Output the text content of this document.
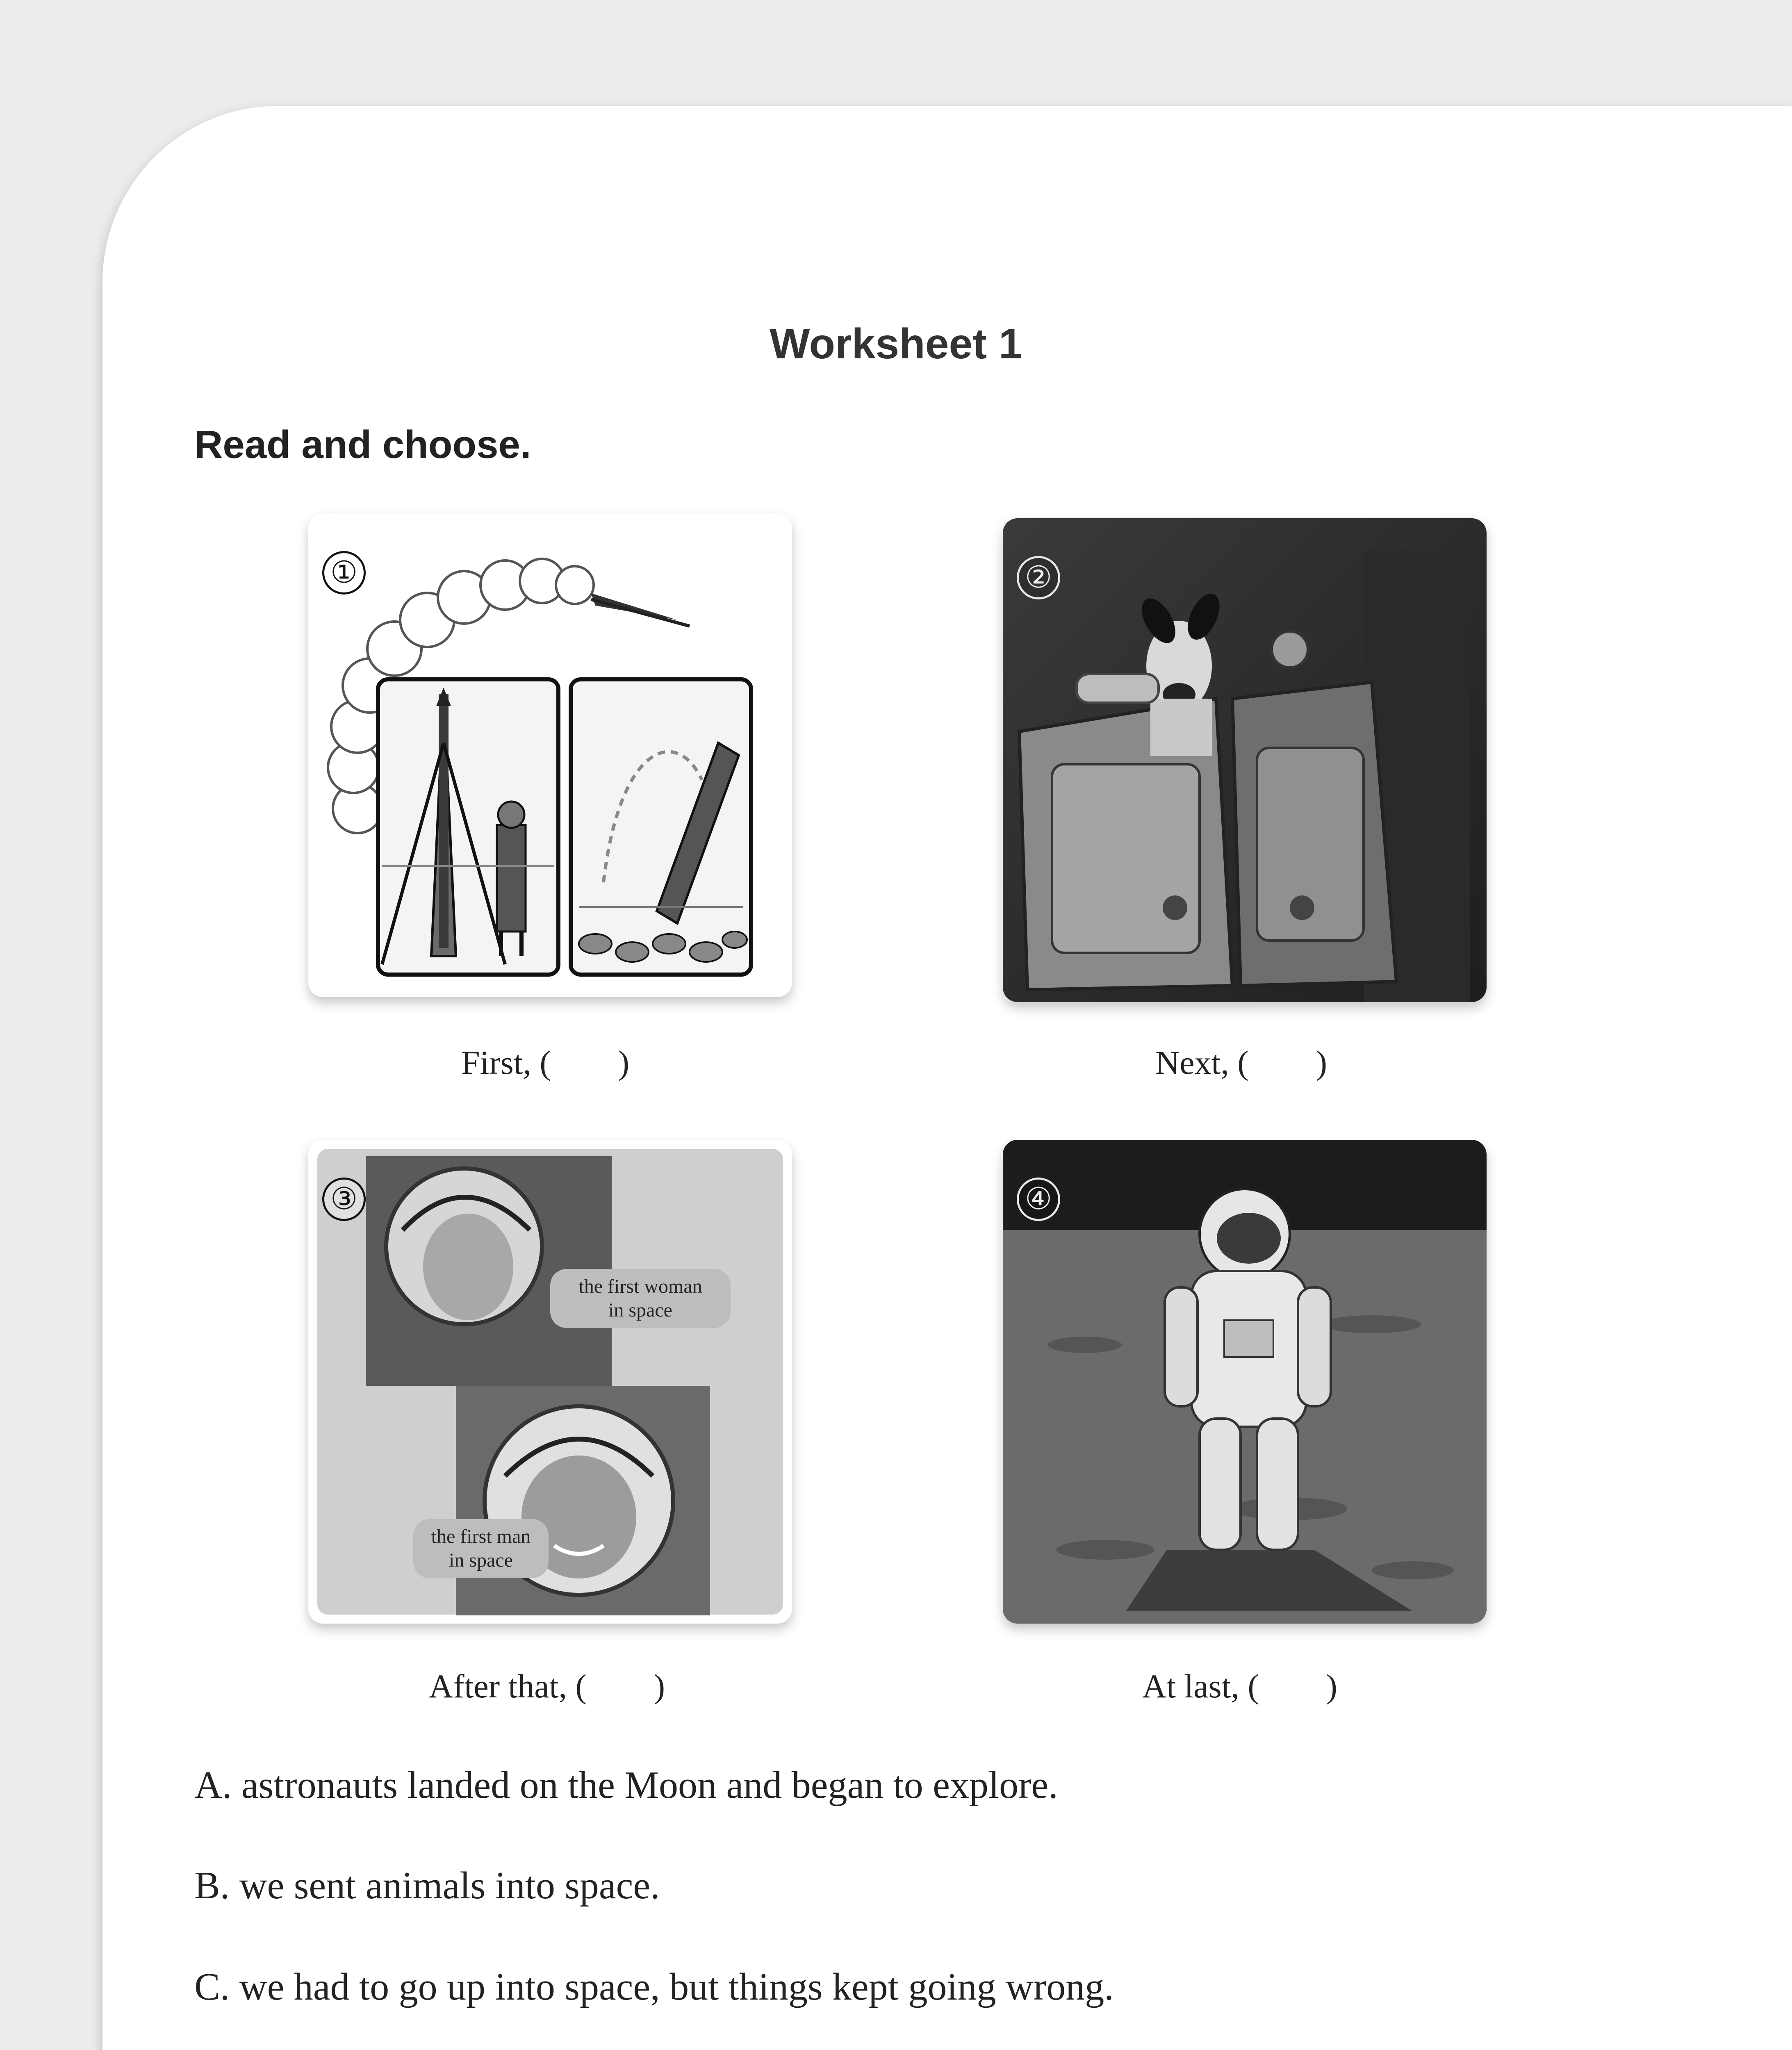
Worksheet 1
Read and choose.
①	②
③
the first woman
in space
the first man
in space
④
First, (        )	Next, (        )
After that, (        )	At last, (        )
A. astronauts landed on the Moon and began to explore.
B. we sent animals into space.
C. we had to go up into space, but things kept going wrong.
